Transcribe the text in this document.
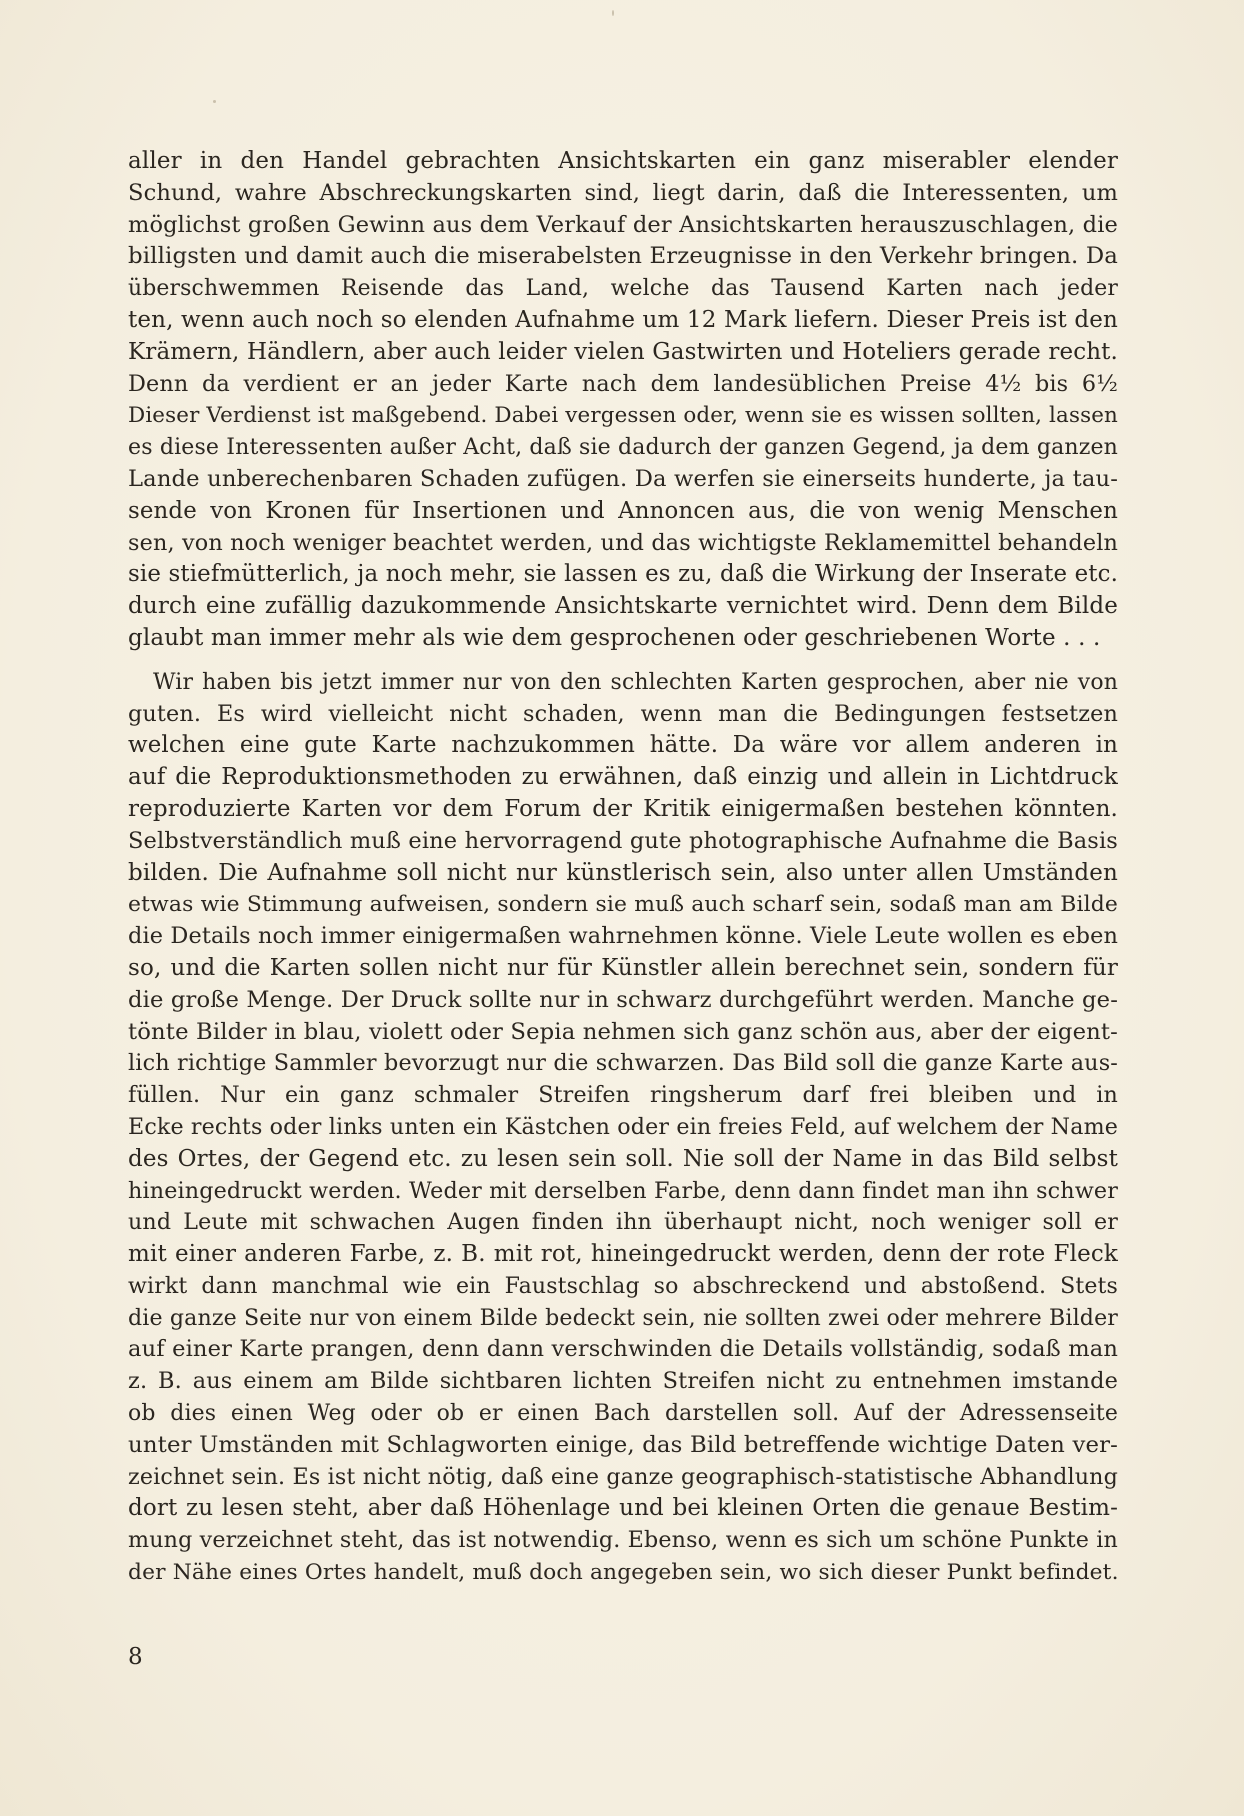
aller in den Handel gebrachten Ansichtskarten ein ganz miserabler elender
Schund, wahre Abschreckungskarten sind, liegt darin, daß die Interessenten, um
möglichst großen Gewinn aus dem Verkauf der Ansichtskarten herauszuschlagen, die
billigsten und damit auch die miserabelsten Erzeugnisse in den Verkehr bringen. Da
überschwemmen Reisende das Land, welche das Tausend Karten nach jeder
ten, wenn auch noch so elenden Aufnahme um 12 Mark liefern. Dieser Preis ist den
Krämern, Händlern, aber auch leider vielen Gastwirten und Hoteliers gerade recht.
Denn da verdient er an jeder Karte nach dem landesüblichen Preise 4½ bis 6½
Dieser Verdienst ist maßgebend. Dabei vergessen oder, wenn sie es wissen sollten, lassen
es diese Interessenten außer Acht, daß sie dadurch der ganzen Gegend, ja dem ganzen
Lande unberechenbaren Schaden zufügen. Da werfen sie einerseits hunderte, ja tau-
sende von Kronen für Insertionen und Annoncen aus, die von wenig Menschen
sen, von noch weniger beachtet werden, und das wichtigste Reklamemittel behandeln
sie stiefmütterlich, ja noch mehr, sie lassen es zu, daß die Wirkung der Inserate etc.
durch eine zufällig dazukommende Ansichtskarte vernichtet wird. Denn dem Bilde
glaubt man immer mehr als wie dem gesprochenen oder geschriebenen Worte . . .

Wir haben bis jetzt immer nur von den schlechten Karten gesprochen, aber nie von
guten. Es wird vielleicht nicht schaden, wenn man die Bedingungen festsetzen
welchen eine gute Karte nachzukommen hätte. Da wäre vor allem anderen in
auf die Reproduktionsmethoden zu erwähnen, daß einzig und allein in Lichtdruck
reproduzierte Karten vor dem Forum der Kritik einigermaßen bestehen könnten.
Selbstverständlich muß eine hervorragend gute photographische Aufnahme die Basis
bilden. Die Aufnahme soll nicht nur künstlerisch sein, also unter allen Umständen
etwas wie Stimmung aufweisen, sondern sie muß auch scharf sein, sodaß man am Bilde
die Details noch immer einigermaßen wahrnehmen könne. Viele Leute wollen es eben
so, und die Karten sollen nicht nur für Künstler allein berechnet sein, sondern für
die große Menge. Der Druck sollte nur in schwarz durchgeführt werden. Manche ge-
tönte Bilder in blau, violett oder Sepia nehmen sich ganz schön aus, aber der eigent-
lich richtige Sammler bevorzugt nur die schwarzen. Das Bild soll die ganze Karte aus-
füllen. Nur ein ganz schmaler Streifen ringsherum darf frei bleiben und in
Ecke rechts oder links unten ein Kästchen oder ein freies Feld, auf welchem der Name
des Ortes, der Gegend etc. zu lesen sein soll. Nie soll der Name in das Bild selbst
hineingedruckt werden. Weder mit derselben Farbe, denn dann findet man ihn schwer
und Leute mit schwachen Augen finden ihn überhaupt nicht, noch weniger soll er
mit einer anderen Farbe, z. B. mit rot, hineingedruckt werden, denn der rote Fleck
wirkt dann manchmal wie ein Faustschlag so abschreckend und abstoßend. Stets
die ganze Seite nur von einem Bilde bedeckt sein, nie sollten zwei oder mehrere Bilder
auf einer Karte prangen, denn dann verschwinden die Details vollständig, sodaß man
z. B. aus einem am Bilde sichtbaren lichten Streifen nicht zu entnehmen imstande
ob dies einen Weg oder ob er einen Bach darstellen soll. Auf der Adressenseite
unter Umständen mit Schlagworten einige, das Bild betreffende wichtige Daten ver-
zeichnet sein. Es ist nicht nötig, daß eine ganze geographisch-statistische Abhandlung
dort zu lesen steht, aber daß Höhenlage und bei kleinen Orten die genaue Bestim-
mung verzeichnet steht, das ist notwendig. Ebenso, wenn es sich um schöne Punkte in
der Nähe eines Ortes handelt, muß doch angegeben sein, wo sich dieser Punkt befindet.

8
